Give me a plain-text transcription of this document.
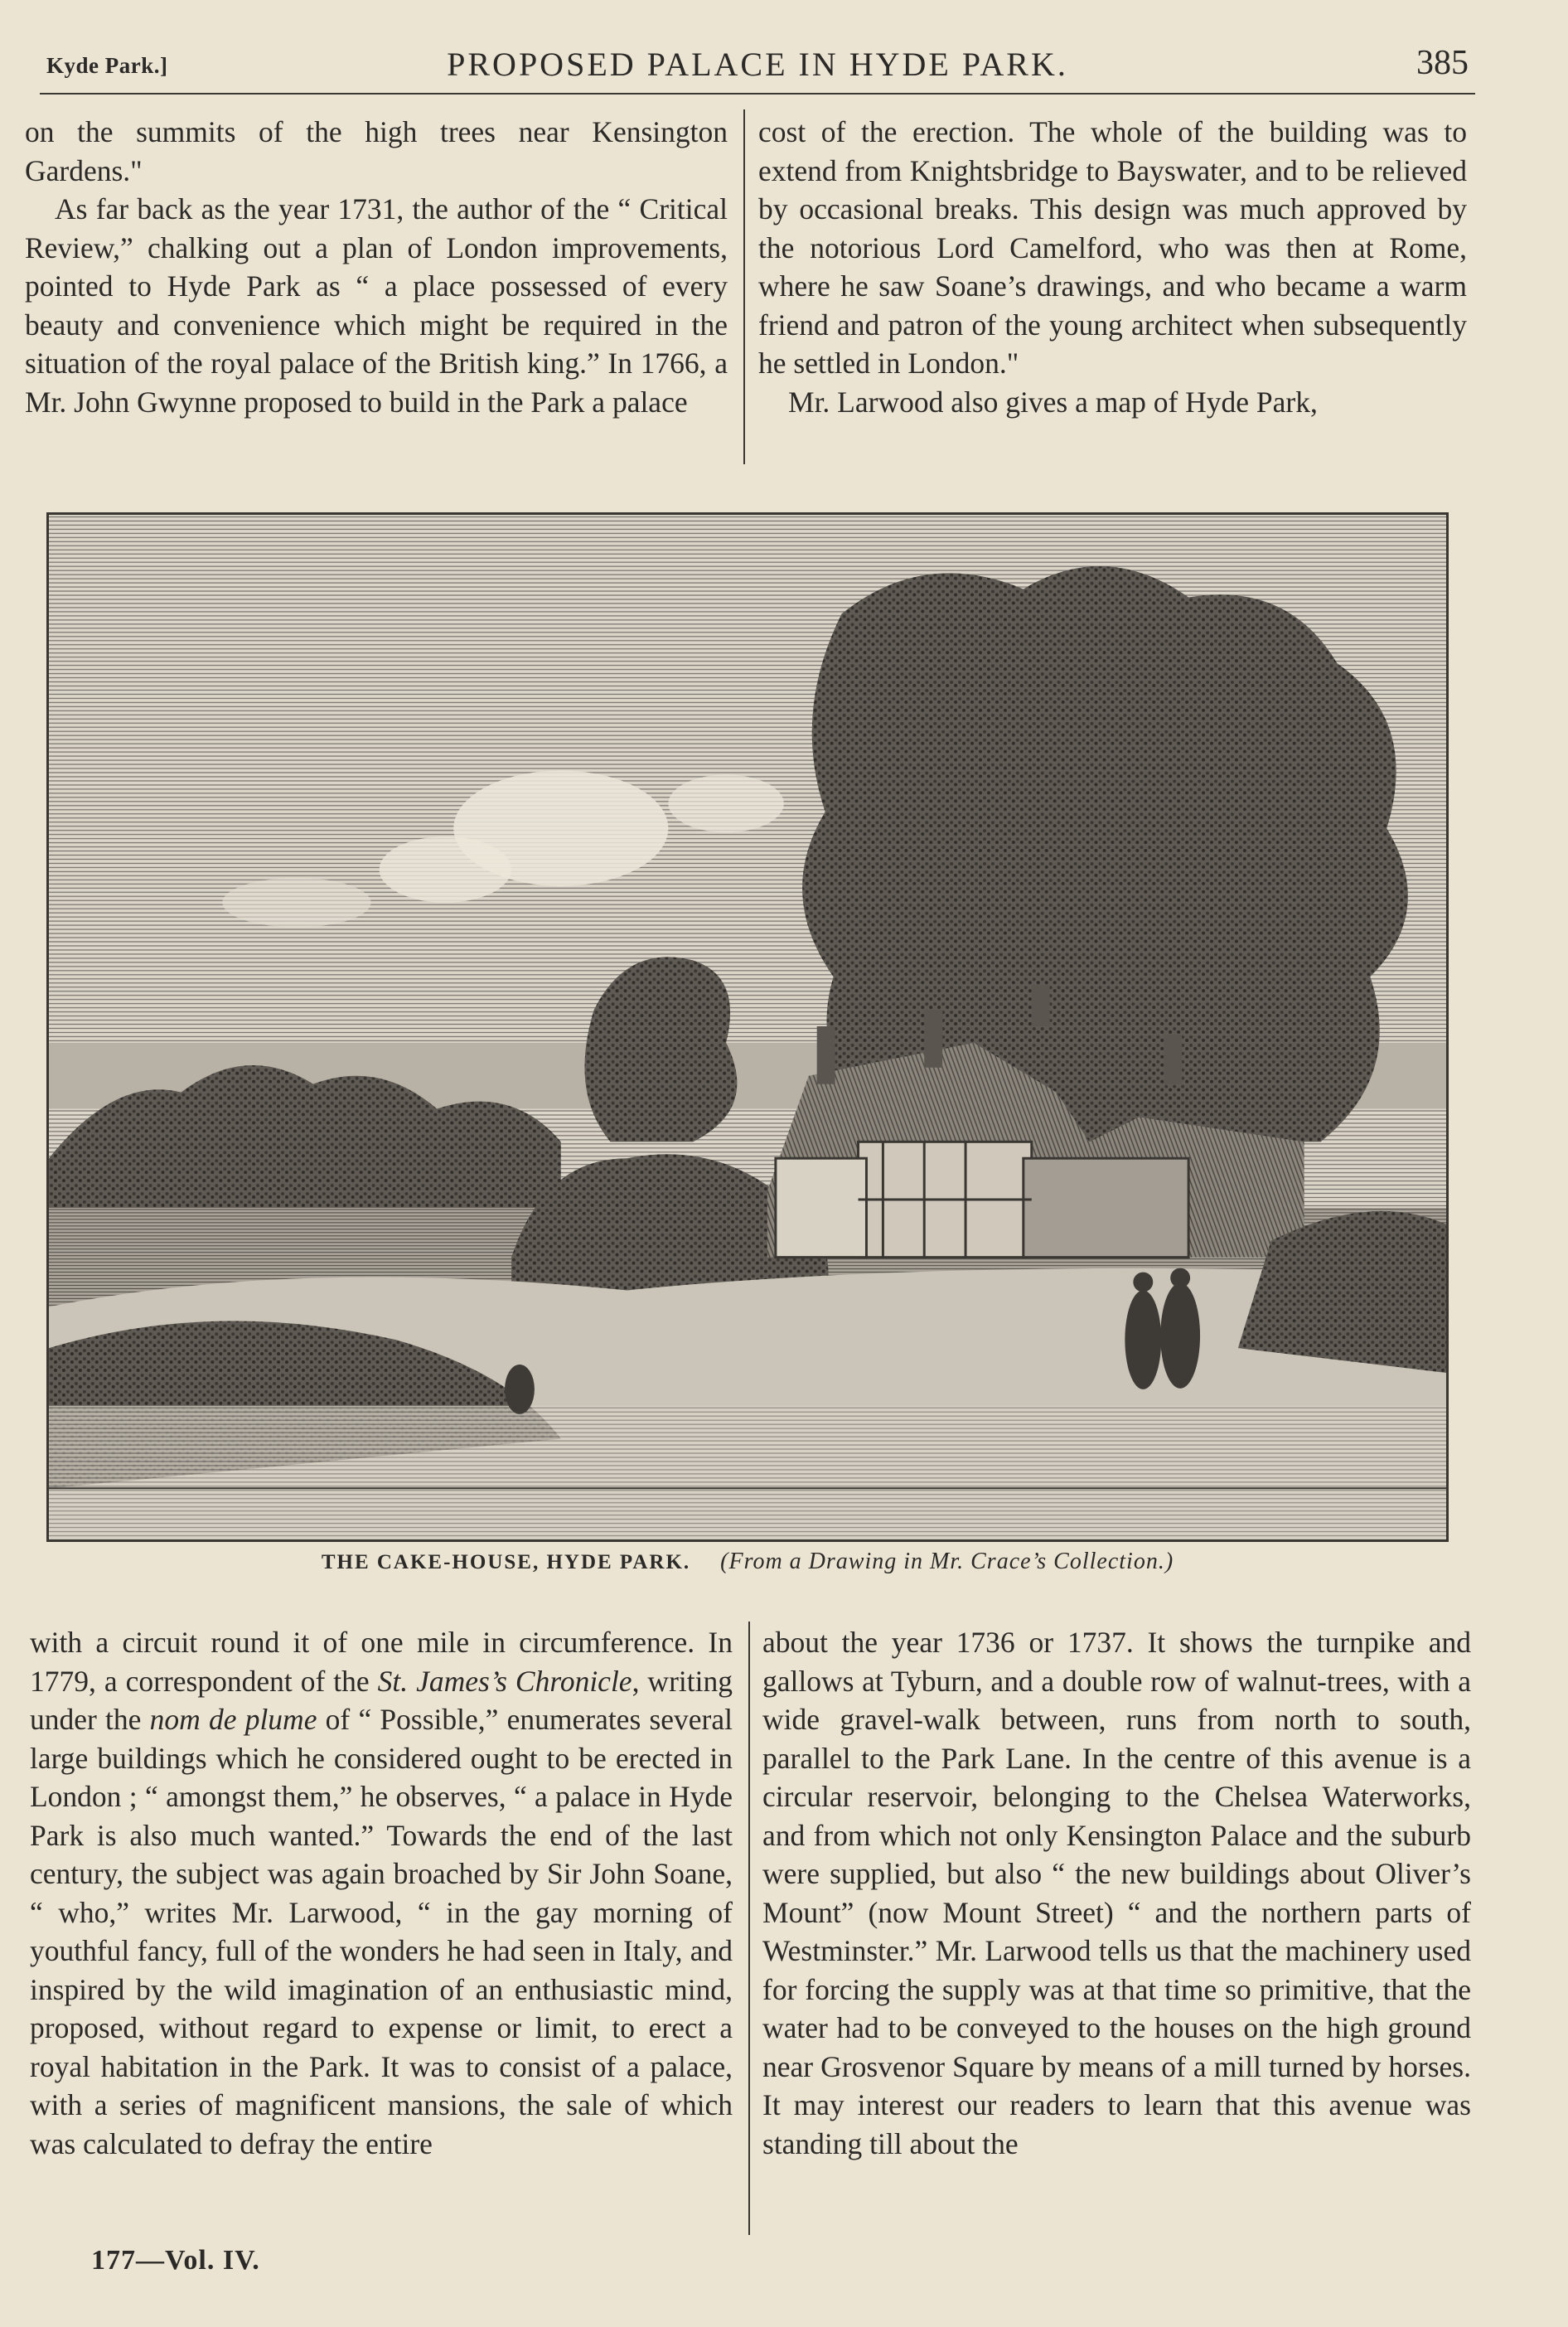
Kyde Park.]	PROPOSED PALACE IN HYDE PARK.	385

on the summits of the high trees near Kensington Gardens."

As far back as the year 1731, the author of the “ Critical Review,” chalking out a plan of London improvements, pointed to Hyde Park as “ a place possessed of every beauty and convenience which might be required in the situation of the royal palace of the British king.” In 1766, a Mr. John Gwynne proposed to build in the Park a palace

cost of the erection. The whole of the building was to extend from Knightsbridge to Bayswater, and to be relieved by occasional breaks. This design was much approved by the notorious Lord Camelford, who was then at Rome, where he saw Soane’s drawings, and who became a warm friend and patron of the young architect when subsequently he settled in London."

Mr. Larwood also gives a map of Hyde Park,

THE CAKE-HOUSE, HYDE PARK. (From a Drawing in Mr. Crace’s Collection.)

with a circuit round it of one mile in circumference. In 1779, a correspondent of the St. James’s Chronicle, writing under the nom de plume of “ Possible,” enumerates several large buildings which he considered ought to be erected in London ; “ amongst them,” he observes, “ a palace in Hyde Park is also much wanted.” Towards the end of the last century, the subject was again broached by Sir John Soane, “ who,” writes Mr. Larwood, “ in the gay morning of youthful fancy, full of the wonders he had seen in Italy, and inspired by the wild imagination of an enthusiastic mind, proposed, without regard to expense or limit, to erect a royal habitation in the Park. It was to consist of a palace, with a series of magnificent mansions, the sale of which was calculated to defray the entire

about the year 1736 or 1737. It shows the turnpike and gallows at Tyburn, and a double row of walnut-trees, with a wide gravel-walk between, runs from north to south, parallel to the Park Lane. In the centre of this avenue is a circular reservoir, belonging to the Chelsea Waterworks, and from which not only Kensington Palace and the suburb were supplied, but also “ the new buildings about Oliver’s Mount” (now Mount Street) “ and the northern parts of Westminster.” Mr. Larwood tells us that the machinery used for forcing the supply was at that time so primitive, that the water had to be conveyed to the houses on the high ground near Grosvenor Square by means of a mill turned by horses. It may interest our readers to learn that this avenue was standing till about the

177—Vol. IV.
